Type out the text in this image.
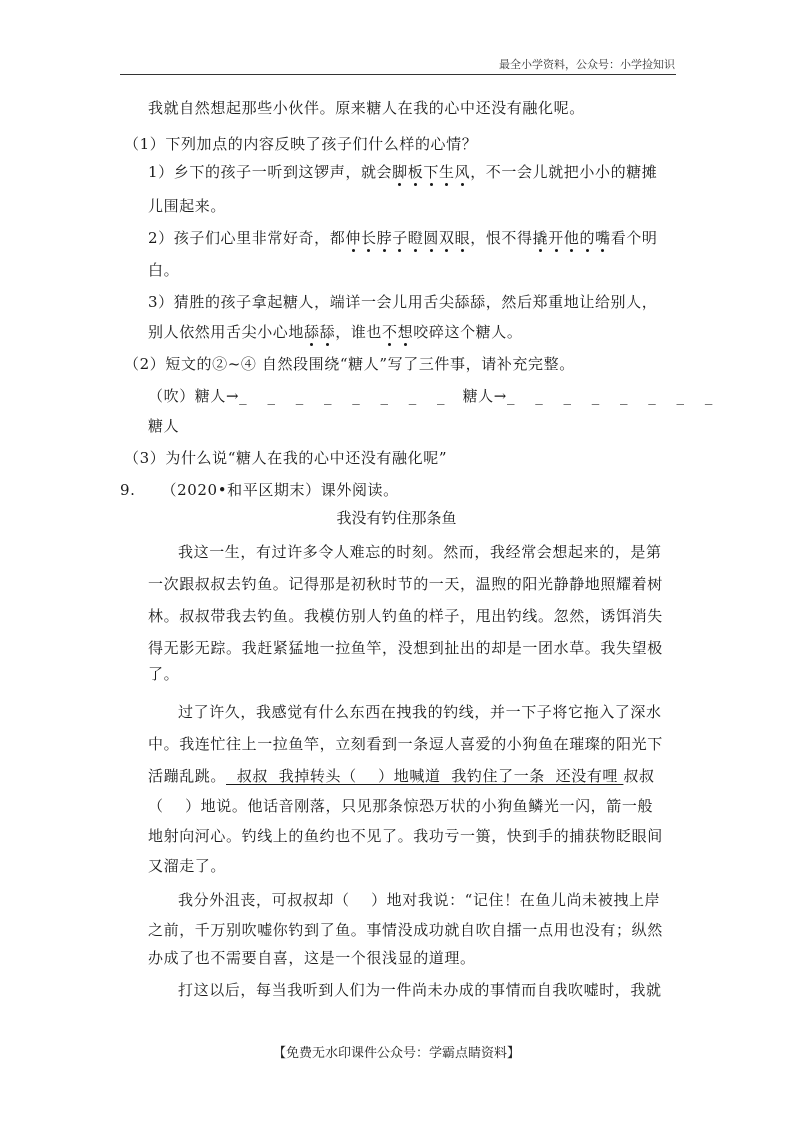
最全小学资料，公众号：小学捡知识
我就自然想起那些小伙伴。原来糖人在我的心中还没有融化呢。
（1）下列加点的内容反映了孩子们什么样的心情？
1）乡下的孩子一听到这锣声，就会脚板下生风，不一会儿就把小小的糖摊
儿围起来。
2）孩子们心里非常好奇，都伸长脖子瞪圆双眼，恨不得撬开他的嘴看个明
白。
3）猜胜的孩子拿起糖人，端详一会儿用舌尖舔舔，然后郑重地让给别人，
别人依然用舌尖小心地舔舔，谁也不想咬碎这个糖人。
（2）短文的②~④ 自然段围绕“糖人”写了三件事，请补充完整。
（吹）糖人→_ _ _ _ _ _ _ _ 糖人→_ _ _ _ _ _ _ _
糖人
（3）为什么说“糖人在我的心中还没有融化呢”
9. （2020•和平区期末）课外阅读。
我没有钓住那条鱼
我这一生，有过许多令人难忘的时刻。然而，我经常会想起来的，是第
一次跟叔叔去钓鱼。记得那是初秋时节的一天，温煦的阳光静静地照耀着树
林。叔叔带我去钓鱼。我模仿别人钓鱼的样子，甩出钓线。忽然，诱饵消失
得无影无踪。我赶紧猛地一拉鱼竿，没想到扯出的却是一团水草。我失望极
了。
过了许久，我感觉有什么东西在拽我的钓线，并一下子将它拖入了深水
中。我连忙往上一拉鱼竿，立刻看到一条逗人喜爱的小狗鱼在璀璨的阳光下
活蹦乱跳。  叔叔  我掉转头（    ）地喊道  我钓住了一条  还没有哩 叔叔
（    ）地说。他话音刚落，只见那条惊恐万状的小狗鱼鳞光一闪，箭一般
地射向河心。钓线上的鱼约也不见了。我功亏一篑，快到手的捕获物眨眼间
又溜走了。
我分外沮丧，可叔叔却（    ）地对我说：“记住！在鱼儿尚未被拽上岸
之前，千万别吹嘘你钓到了鱼。事情没成功就自吹自擂一点用也没有；纵然
办成了也不需要自喜，这是一个很浅显的道理。
打这以后，每当我听到人们为一件尚未办成的事情而自我吹嘘时，我就
【免费无水印课件公众号：学霸点睛资料】
